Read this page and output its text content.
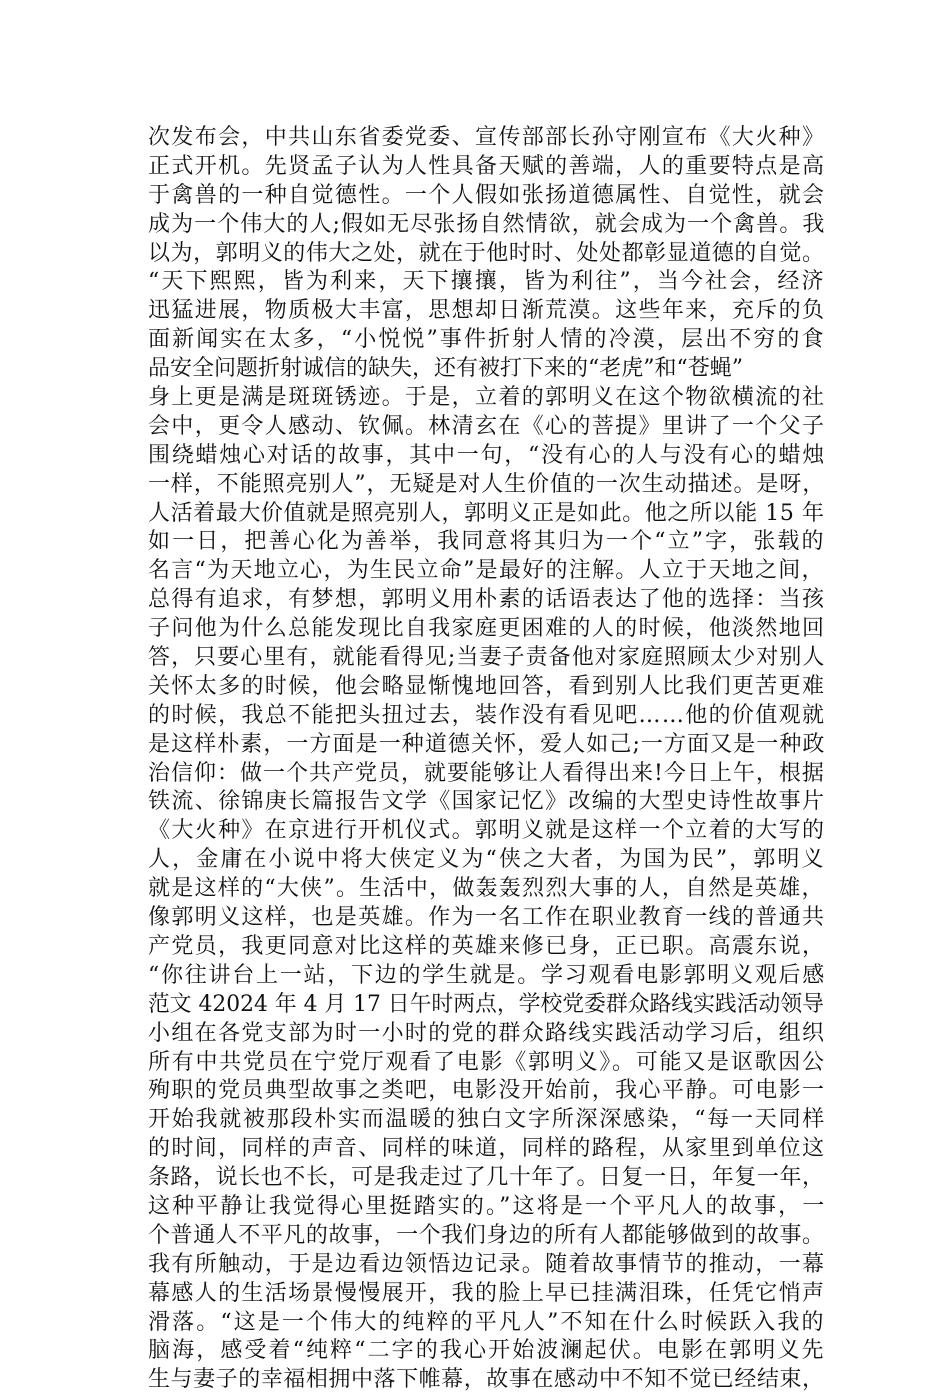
次发布会，中共山东省委党委、宣传部部长孙守刚宣布《大火种》
正式开机。先贤孟子认为人性具备天赋的善端，人的重要特点是高
于禽兽的一种自觉德性。一个人假如张扬道德属性、自觉性，就会
成为一个伟大的人;假如无尽张扬自然情欲，就会成为一个禽兽。我
以为，郭明义的伟大之处，就在于他时时、处处都彰显道德的自觉。
“天下熙熙，皆为利来，天下攘攘，皆为利往”，当今社会，经济
迅猛进展，物质极大丰富，思想却日渐荒漠。这些年来，充斥的负
面新闻实在太多，“小悦悦”事件折射人情的冷漠，层出不穷的食
品安全问题折射诚信的缺失，还有被打下来的“老虎”和“苍蝇”
身上更是满是斑斑锈迹。于是，立着的郭明义在这个物欲横流的社
会中，更令人感动、钦佩。林清玄在《心的菩提》里讲了一个父子
围绕蜡烛心对话的故事，其中一句，“没有心的人与没有心的蜡烛
一样，不能照亮别人”，无疑是对人生价值的一次生动描述。是呀，
人活着最大价值就是照亮别人，郭明义正是如此。他之所以能 15 年
如一日，把善心化为善举，我同意将其归为一个“立”字，张载的
名言“为天地立心，为生民立命”是最好的注解。人立于天地之间，
总得有追求，有梦想，郭明义用朴素的话语表达了他的选择：当孩
子问他为什么总能发现比自我家庭更困难的人的时候，他淡然地回
答，只要心里有，就能看得见;当妻子责备他对家庭照顾太少对别人
关怀太多的时候，他会略显惭愧地回答，看到别人比我们更苦更难
的时候，我总不能把头扭过去，装作没有看见吧……他的价值观就
是这样朴素，一方面是一种道德关怀，爱人如己;一方面又是一种政
治信仰：做一个共产党员，就要能够让人看得出来!今日上午，根据
铁流、徐锦庚长篇报告文学《国家记忆》改编的大型史诗性故事片
《大火种》在京进行开机仪式。郭明义就是这样一个立着的大写的
人，金庸在小说中将大侠定义为“侠之大者，为国为民”，郭明义
就是这样的“大侠”。生活中，做轰轰烈烈大事的人，自然是英雄，
像郭明义这样，也是英雄。作为一名工作在职业教育一线的普通共
产党员，我更同意对比这样的英雄来修已身，正已职。高震东说，
“你往讲台上一站，下边的学生就是。学习观看电影郭明义观后感
范文 42024 年 4 月 17 日午时两点，学校党委群众路线实践活动领导
小组在各党支部为时一小时的党的群众路线实践活动学习后，组织
所有中共党员在宁党厅观看了电影《郭明义》。可能又是讴歌因公
殉职的党员典型故事之类吧，电影没开始前，我心平静。可电影一
开始我就被那段朴实而温暖的独白文字所深深感染，“每一天同样
的时间，同样的声音、同样的味道，同样的路程，从家里到单位这
条路，说长也不长，可是我走过了几十年了。日复一日，年复一年，
这种平静让我觉得心里挺踏实的。”这将是一个平凡人的故事，一
个普通人不平凡的故事，一个我们身边的所有人都能够做到的故事。
我有所触动，于是边看边领悟边记录。随着故事情节的推动，一幕
幕感人的生活场景慢慢展开，我的脸上早已挂满泪珠，任凭它悄声
滑落。“这是一个伟大的纯粹的平凡人”不知在什么时候跃入我的
脑海，感受着“纯粹“二字的我心开始波澜起伏。电影在郭明义先
生与妻子的幸福相拥中落下帷幕，故事在感动中不知不觉已经结束，
